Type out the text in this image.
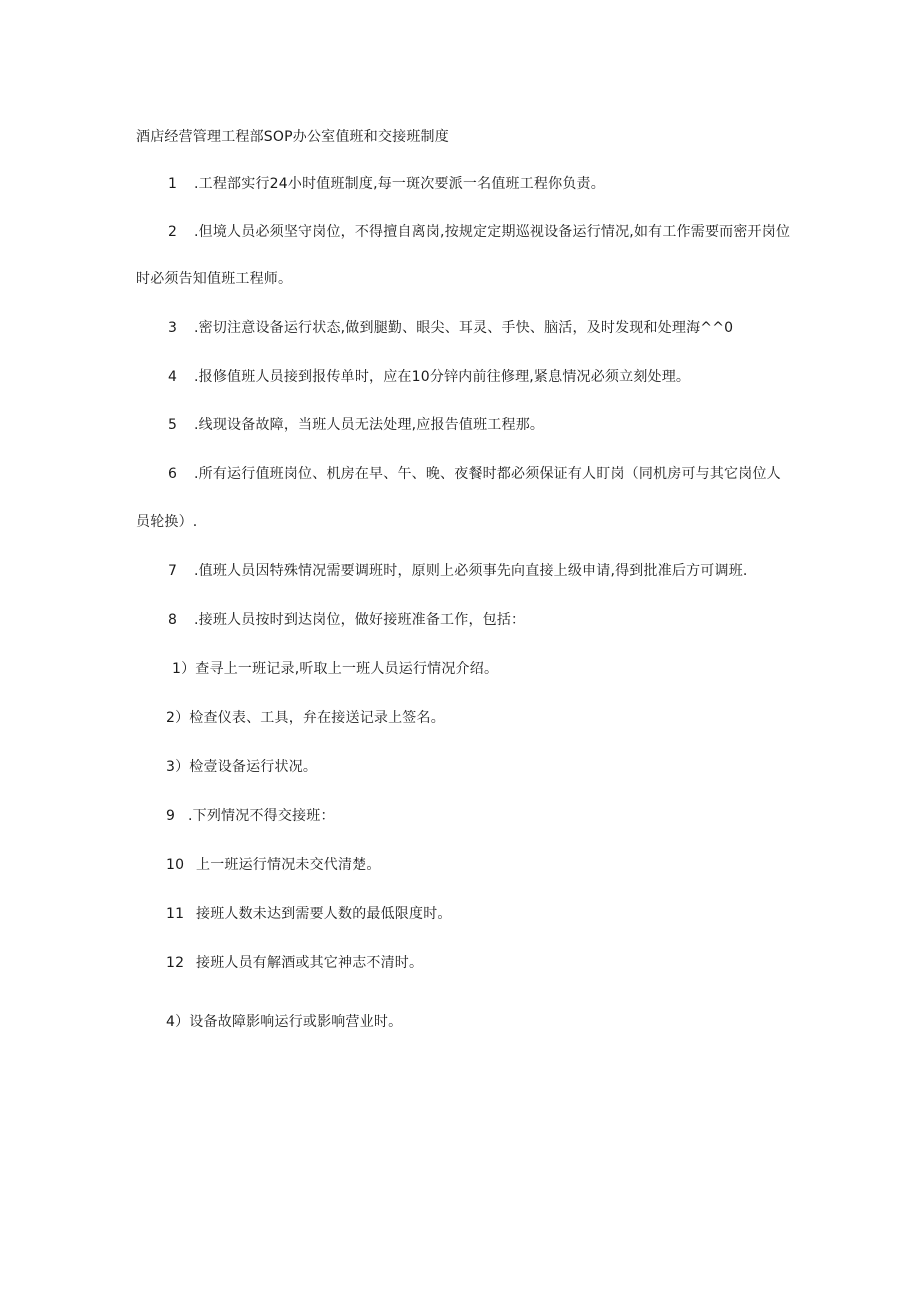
酒店经营管理工程部SOP办公室值班和交接班制度
1 .工程部实行24小时值班制度,每一斑次要派一名值班工程你负责。
2 .但境人员必须坚守岗位，不得擅自离岗,按规定定期巡视设备运行情况,如有工作需要而密开岗位
时必须告知值班工程师。
3 .密切注意设备运行状态,做到腿勤、眼尖、耳灵、手快、脑活，及时发现和处理海^^0
4 .报修值班人员接到报传单时，应在10分锌内前往修理,紧息情况必须立刻处理。
5 .线现设备故障，当班人员无法处理,应报告值班工程那。
6 .所有运行值班岗位、机房在早、午、晚、夜餐时都必须保证有人盯岗（同机房可与其它岗位人
员轮换）.
7 .值班人员因特殊情况需要调班时，原则上必须事先向直接上级申请,得到批准后方可调班.
8 .接班人员按时到达岗位，做好接班准备工作，包括：
1）查寻上一班记录,听取上一班人员运行情况介绍。
2）检查仪表、工具，弁在接送记录上签名。
3）检壹设备运行状况。
9 .下列情况不得交接班：
10 上一班运行情况未交代清楚。
11 接班人数未达到需要人数的最低限度时。
12 接班人员有解酒或其它神志不清时。
4）设备故障影响运行或影响营业时。
